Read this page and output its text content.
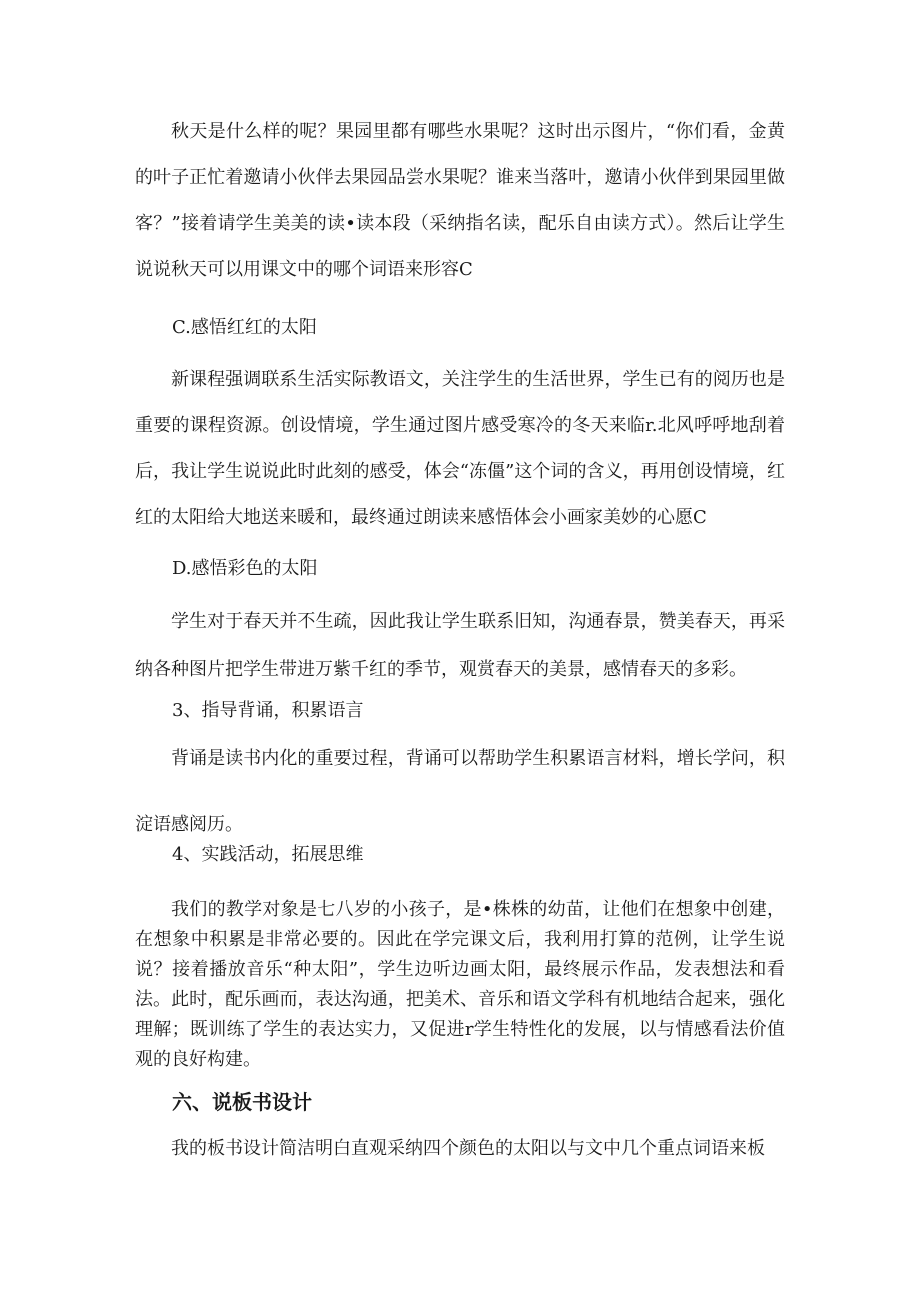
秋天是什么样的呢？果园里都有哪些水果呢？这时出示图片，“你们看，金黄的叶子正忙着邀请小伙伴去果园品尝水果呢？谁来当落叶，邀请小伙伴到果园里做客？”接着请学生美美的读•读本段（采纳指名读，配乐自由读方式）。然后让学生说说秋天可以用课文中的哪个词语来形容C

C.感悟红红的太阳

新课程强调联系生活实际教语文，关注学生的生活世界，学生已有的阅历也是重要的课程资源。创设情境，学生通过图片感受寒冷的冬天来临r.北风呼呼地刮着后，我让学生说说此时此刻的感受，体会“冻僵”这个词的含义，再用创设情境，红红的太阳给大地送来暖和，最终通过朗读来感悟体会小画家美妙的心愿C

D.感悟彩色的太阳

学生对于春天并不生疏，因此我让学生联系旧知，沟通春景，赞美春天，再采纳各种图片把学生带进万紫千红的季节，观赏春天的美景，感情春天的多彩。

3、指导背诵，积累语言

背诵是读书内化的重要过程，背诵可以帮助学生积累语言材料，增长学问，积淀语感阅历。

4、实践活动，拓展思维

我们的教学对象是七八岁的小孩子，是•株株的幼苗，让他们在想象中创建，在想象中积累是非常必要的。因此在学完课文后，我利用打算的范例，让学生说说？接着播放音乐“种太阳”，学生边听边画太阳，最终展示作品，发表想法和看法。此时，配乐画而，表达沟通，把美术、音乐和语文学科有机地结合起来，强化理解；既训练了学生的表达实力，又促进r学生特性化的发展，以与情感看法价值观的良好构建。

六、说板书设计

我的板书设计简洁明白直观采纳四个颜色的太阳以与文中几个重点词语来板
